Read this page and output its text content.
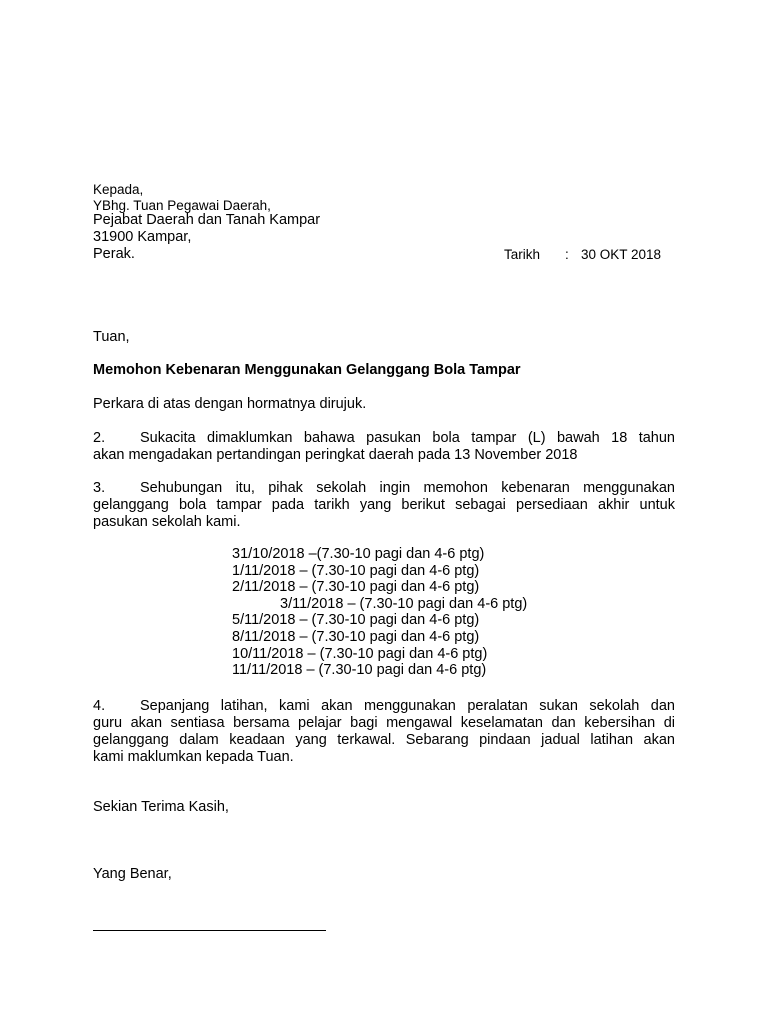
Kepada,
YBhg. Tuan Pegawai Daerah,
Pejabat Daerah dan Tanah Kampar
31900 Kampar,
Perak.	Tarikh : 30 OKT 2018
Tuan,
Memohon Kebenaran Menggunakan Gelanggang Bola Tampar
Perkara di atas dengan hormatnya dirujuk.
2. Sukacita dimaklumkan bahawa pasukan bola tampar (L) bawah 18 tahun
akan mengadakan pertandingan peringkat daerah pada 13 November 2018
3. Sehubungan itu, pihak sekolah ingin memohon kebenaran menggunakan
gelanggang bola tampar pada tarikh yang berikut sebagai persediaan akhir untuk
pasukan sekolah kami.
31/10/2018 –(7.30-10 pagi dan 4-6 ptg)
1/11/2018 – (7.30-10 pagi dan 4-6 ptg)
2/11/2018 – (7.30-10 pagi dan 4-6 ptg)
3/11/2018 – (7.30-10 pagi dan 4-6 ptg)
5/11/2018 – (7.30-10 pagi dan 4-6 ptg)
8/11/2018 – (7.30-10 pagi dan 4-6 ptg)
10/11/2018 – (7.30-10 pagi dan 4-6 ptg)
11/11/2018 – (7.30-10 pagi dan 4-6 ptg)
4. Sepanjang latihan, kami akan menggunakan peralatan sukan sekolah dan
guru akan sentiasa bersama pelajar bagi mengawal keselamatan dan kebersihan di
gelanggang dalam keadaan yang terkawal. Sebarang pindaan jadual latihan akan
kami maklumkan kepada Tuan.
Sekian Terima Kasih,
Yang Benar,
